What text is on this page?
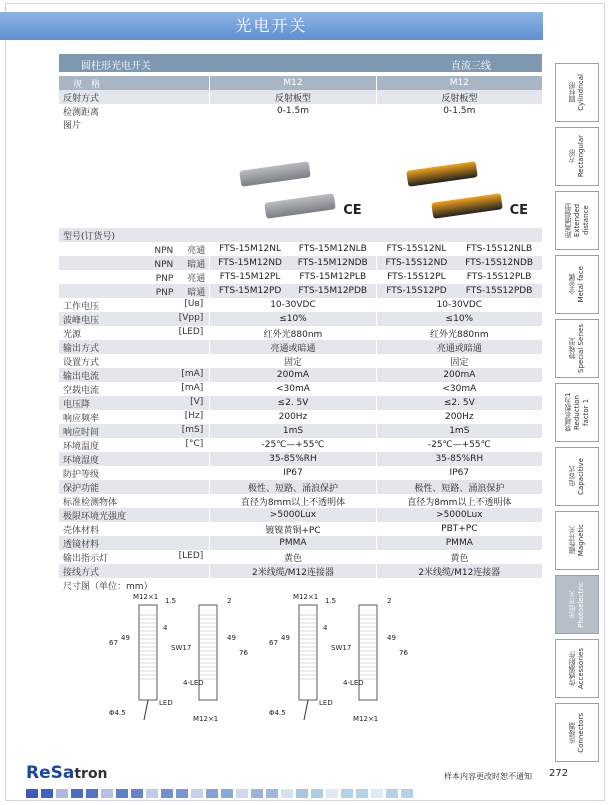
光电开关
圆柱形光电开关	直流三线
规　格	M12	M12
反射方式	反射板型	反射板型
检测距离	0-1.5m	0-1.5m
图片	CE	CE

型号(订货号)		
NPN 亮通	FTS-15M12NL FTS-15M12NLB	FTS-15S12NL FTS-15S12NLB

NPN 暗通	FTS-15M12ND FTS-15M12NDB	FTS-15S12ND FTS-15S12NDB

PNP 亮通	FTS-15M12PL FTS-15M12PLB	FTS-15S12PL FTS-15S12PLB

PNP 暗通	FTS-15M12PD FTS-15M12PDB	FTS-15S12PD FTS-15S12PDB

工作电压 [Uв]	10-30VDC	10-30VDC
波峰电压 [Vpp]	≤10%	≤10%
光源 [LED]	红外光880nm	红外光880nm
输出方式	亮通或暗通	亮通或暗通
设置方式	固定	固定
输出电流 [mA]	200mA	200mA
空载电流 [mA]	<30mA	<30mA
电压降 [V]	≤2. 5V	≤2. 5V
响应频率 [Hz]	200Hz	200Hz
响应时间 [mS]	1mS	1mS
环境温度 [°C]	-25℃—+55℃	-25℃—+55℃
环境湿度	35-85%RH	35-85%RH
防护等级	IP67	IP67
保护功能	极性、短路、涌浪保护	极性、短路、涌浪保护
标准检测物体	直径为8mm以上不透明体	直径为8mm以上不透明体
极限环境光强度	>5000Lux	>5000Lux
壳体材料	镀镍黄铜+PC	PBT+PC
透镜材料	PMMA	PMMA
输出指示灯 [LED]	黄色	黄色
接线方式	2米线缆/M12连接器	2米线缆/M12连接器
尺寸图（单位：mm）		
M12×1
67
49
SW17
76
49
4-LED
Φ4.5
LED
M12×1
4
1.5	2	M12×1
67
49
SW17
76
49
4-LED
Φ4.5
LED
M12×1
4
1.5	2
圆柱形
Cylindrical
方形
Rectangular
距离增强型
Extended distance
全金属
Metal face
特殊型
Special Series
衰减系数为1
Reduction factor 1
电容式
Capacitive
磁性开关
Magnetic
光电开关
Photoelectric
传感器附件
Accessories
连接器
Connectors
ReSatron	样本内容更改时恕不通知 272
